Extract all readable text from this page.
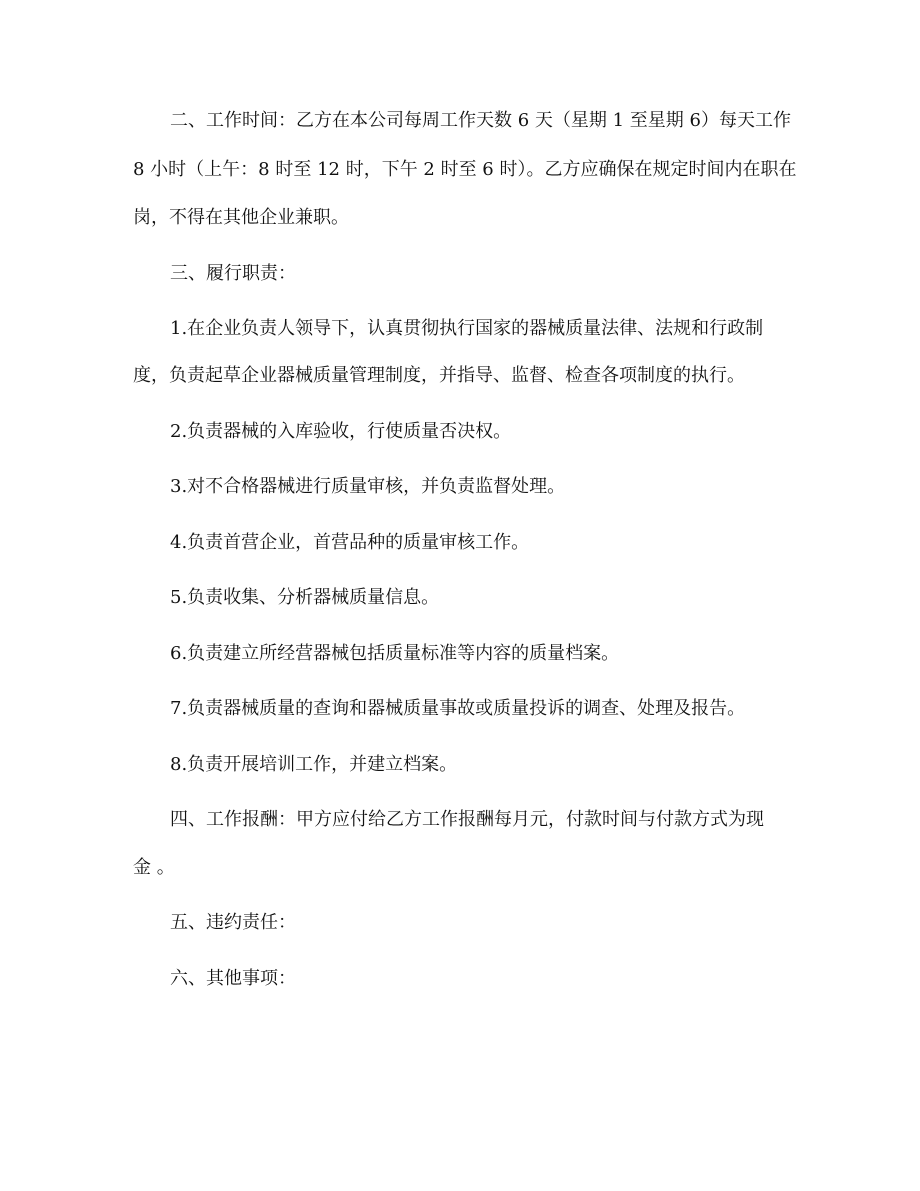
二、工作时间：乙方在本公司每周工作天数 6 天（星期 1 至星期 6）每天工作
8 小时（上午：8 时至 12 时，下午 2 时至 6 时）。乙方应确保在规定时间内在职在
岗，不得在其他企业兼职。
三、履行职责：
1.在企业负责人领导下，认真贯彻执行国家的器械质量法律、法规和行政制
度，负责起草企业器械质量管理制度，并指导、监督、检查各项制度的执行。
2.负责器械的入库验收，行使质量否决权。
3.对不合格器械进行质量审核，并负责监督处理。
4.负责首营企业，首营品种的质量审核工作。
5.负责收集、分析器械质量信息。
6.负责建立所经营器械包括质量标准等内容的质量档案。
7.负责器械质量的查询和器械质量事故或质量投诉的调查、处理及报告。
8.负责开展培训工作，并建立档案。
四、工作报酬：甲方应付给乙方工作报酬每月元，付款时间与付款方式为现
金 。
五、违约责任：
六、其他事项：
